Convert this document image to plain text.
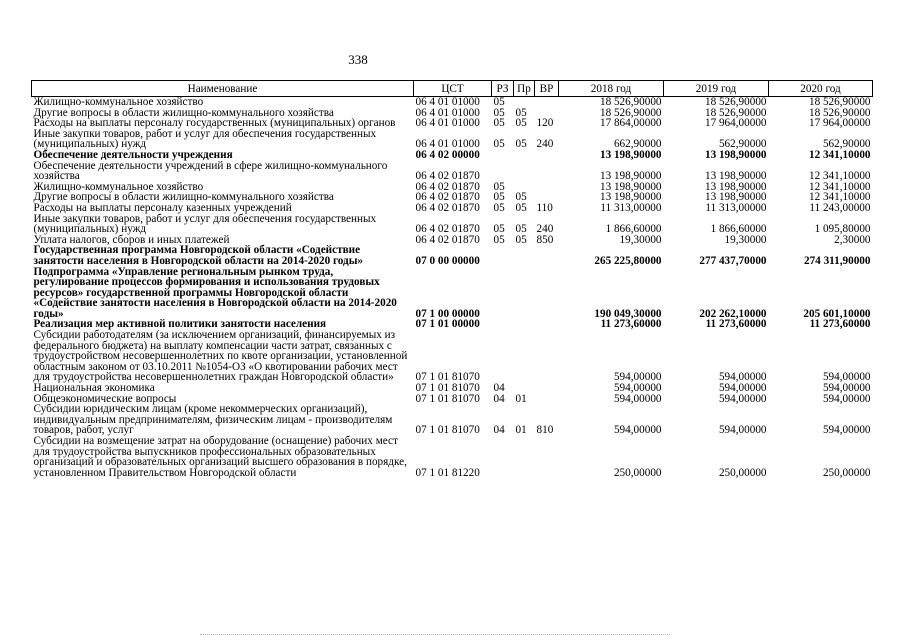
338
Наименование	ЦСТ	РЗ	Пр	ВР	2018 год	2019 год	2020 год
Жилищно-коммунальное хозяйство	06 4 01 01000	05			18 526,90000	18 526,90000	18 526,90000
Другие вопросы в области жилищно-коммунального хозяйства	06 4 01 01000	05	05		18 526,90000	18 526,90000	18 526,90000
Расходы на выплаты персоналу государственных (муниципальных) органов	06 4 01 01000	05	05	120	17 864,00000	17 964,00000	17 964,00000
Иные закупки товаров, работ и услуг для обеспечения государственных (муниципальных) нужд	06 4 01 01000	05	05	240	662,90000	562,90000	562,90000
Обеспечение деятельности учреждения	06 4 02 00000				13 198,90000	13 198,90000	12 341,10000
Обеспечение деятельности учреждений в сфере жилищно-коммунального хозяйства	06 4 02 01870				13 198,90000	13 198,90000	12 341,10000
Жилищно-коммунальное хозяйство	06 4 02 01870	05			13 198,90000	13 198,90000	12 341,10000
Другие вопросы в области жилищно-коммунального хозяйства	06 4 02 01870	05	05		13 198,90000	13 198,90000	12 341,10000
Расходы на выплаты персоналу казенных учреждений	06 4 02 01870	05	05	110	11 313,00000	11 313,00000	11 243,00000
Иные закупки товаров, работ и услуг для обеспечения государственных (муниципальных) нужд	06 4 02 01870	05	05	240	1 866,60000	1 866,60000	1 095,80000
Уплата налогов, сборов и иных платежей	06 4 02 01870	05	05	850	19,30000	19,30000	2,30000
Государственная программа Новгородской области «Содействие занятости населения в Новгородской области на 2014-2020 годы»	07 0 00 00000				265 225,80000	277 437,70000	274 311,90000
Подпрограмма «Управление региональным рынком труда, регулирование процессов формирования и использования трудовых ресурсов» государственной программы Новгородской области «Содействие занятости населения в Новгородской области на 2014-2020 годы»	07 1 00 00000				190 049,30000	202 262,10000	205 601,10000
Реализация мер активной политики занятости населения	07 1 01 00000				11 273,60000	11 273,60000	11 273,60000
Субсидии работодателям (за исключением организаций, финансируемых из федерального бюджета) на выплату компенсации части затрат, связанных с трудоустройством несовершеннолетних по квоте организации, установленной областным законом от 03.10.2011 №1054-ОЗ «О квотировании рабочих мест для трудоустройства несовершеннолетних граждан Новгородской области»	07 1 01 81070				594,00000	594,00000	594,00000
Национальная экономика	07 1 01 81070	04			594,00000	594,00000	594,00000
Общеэкономические вопросы	07 1 01 81070	04	01		594,00000	594,00000	594,00000
Субсидии юридическим лицам (кроме некоммерческих организаций), индивидуальным предпринимателям, физическим лицам - производителям товаров, работ, услуг	07 1 01 81070	04	01	810	594,00000	594,00000	594,00000
Субсидии на возмещение затрат на оборудование (оснащение) рабочих мест для трудоустройства выпускников профессиональных образовательных организаций и образовательных организаций высшего образования в порядке, установленном Правительством Новгородской области	07 1 01 81220				250,00000	250,00000	250,00000
